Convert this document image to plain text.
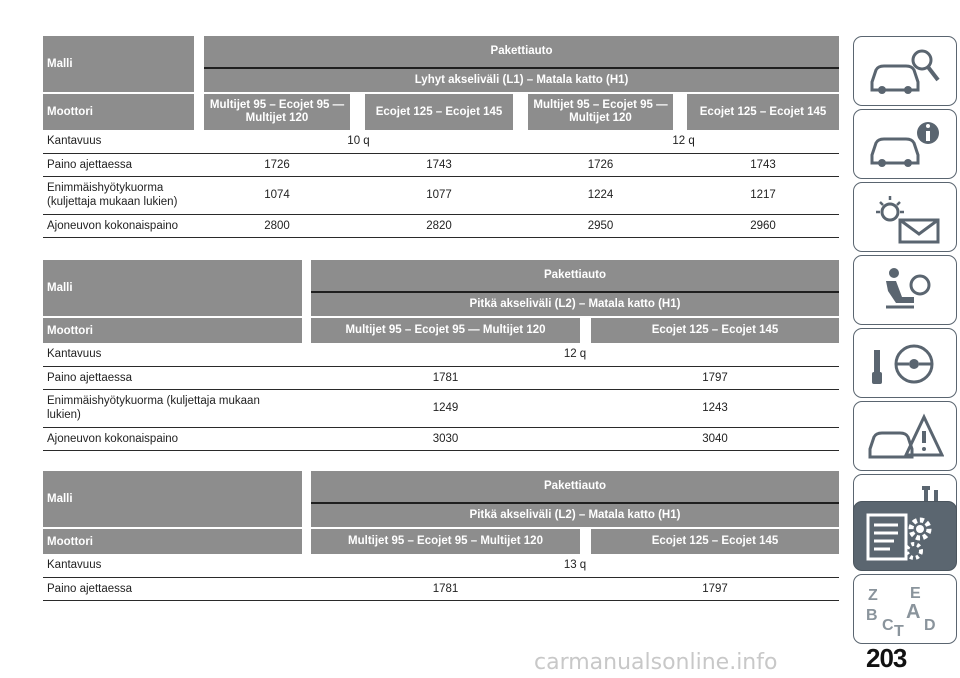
Malli		Pakettiauto						
		Lyhyt akseliväli (L1) – Matala katto (H1)						
Moottori		Multijet 95 – Ecojet 95 — Multijet 120		Ecojet 125 – Ecojet 145		Multijet 95 – Ecojet 95 — Multijet 120		Ecojet 125 – Ecojet 145
Kantavuus		10 q				12 q		
Paino ajettaessa		1726		1743		1726		1743
Enimmäishyötykuorma (kuljettaja mukaan lukien)		1074		1077		1224		1217
Ajoneuvon kokonaispaino		2800		2820		2950		2960
Malli		Pakettiauto		
		Pitkä akseliväli (L2) – Matala katto (H1)		
Moottori		Multijet 95 – Ecojet 95 — Multijet 120		Ecojet 125 – Ecojet 145
Kantavuus		12 q		
Paino ajettaessa		1781		1797
Enimmäishyötykuorma (kuljettaja mukaan lukien)		1249		1243
Ajoneuvon kokonaispaino		3030		3040
Malli		Pakettiauto		
		Pitkä akseliväli (L2) – Matala katto (H1)		
Moottori		Multijet 95 – Ecojet 95 – Multijet 120		Ecojet 125 – Ecojet 145
Kantavuus		13 q		
Paino ajettaessa		1781		1797	Z E
B A
C T D
carmanualsonline.info	203
